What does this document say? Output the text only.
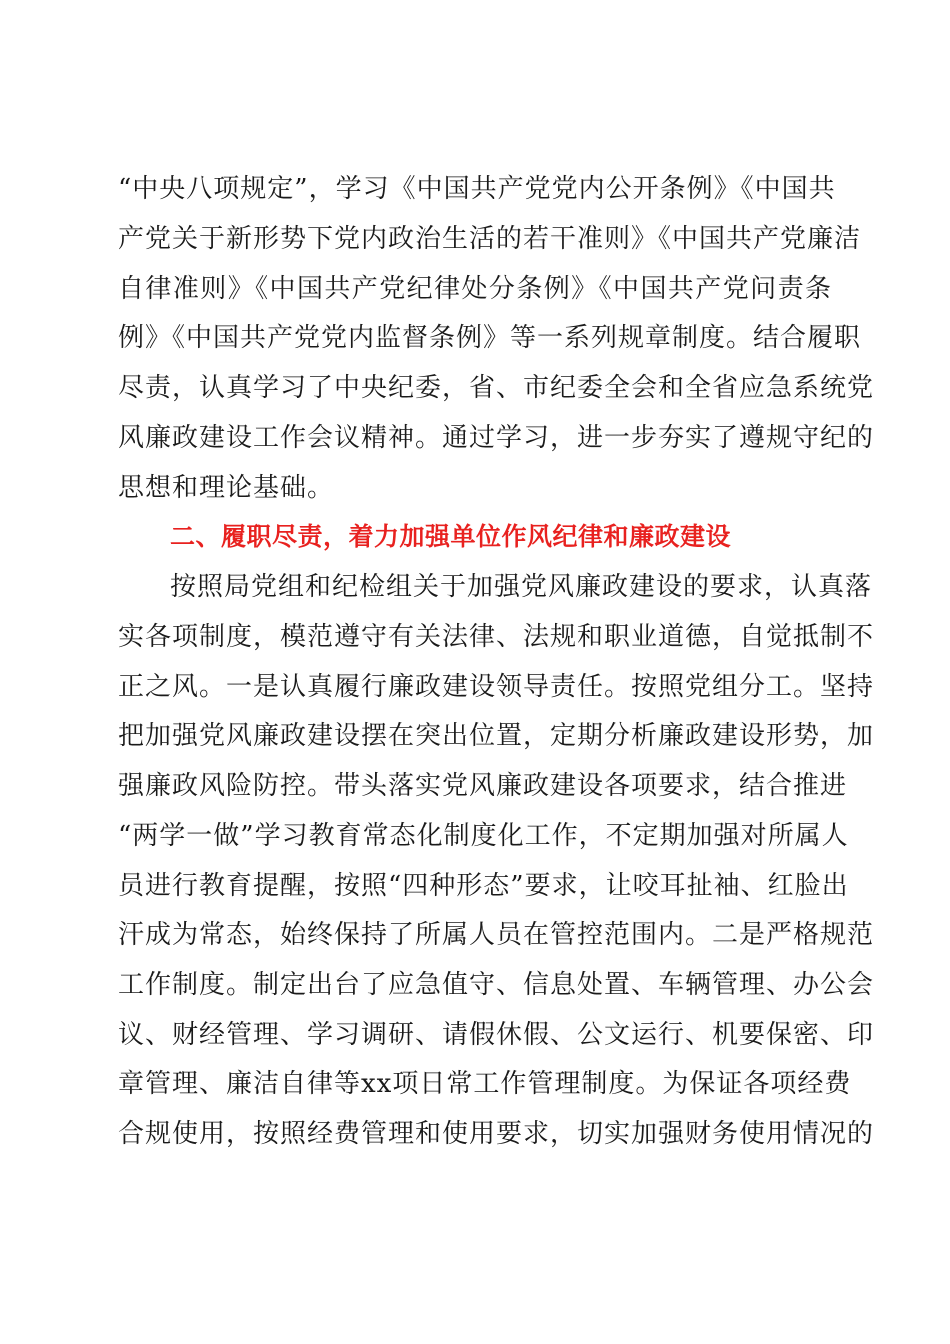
“中央八项规定”，学习《中国共产党党内公开条例》《中国共
产党关于新形势下党内政治生活的若干准则》《中国共产党廉洁
自律准则》《中国共产党纪律处分条例》《中国共产党问责条
例》《中国共产党党内监督条例》等一系列规章制度。结合履职
尽责，认真学习了中央纪委，省、市纪委全会和全省应急系统党
风廉政建设工作会议精神。通过学习，进一步夯实了遵规守纪的
思想和理论基础。
二、履职尽责，着力加强单位作风纪律和廉政建设
按照局党组和纪检组关于加强党风廉政建设的要求，认真落
实各项制度，模范遵守有关法律、法规和职业道德，自觉抵制不
正之风。一是认真履行廉政建设领导责任。按照党组分工。坚持
把加强党风廉政建设摆在突出位置，定期分析廉政建设形势，加
强廉政风险防控。带头落实党风廉政建设各项要求，结合推进
“两学一做”学习教育常态化制度化工作，不定期加强对所属人
员进行教育提醒，按照“四种形态”要求，让咬耳扯袖、红脸出
汗成为常态，始终保持了所属人员在管控范围内。二是严格规范
工作制度。制定出台了应急值守、信息处置、车辆管理、办公会
议、财经管理、学习调研、请假休假、公文运行、机要保密、印
章管理、廉洁自律等xx项日常工作管理制度。为保证各项经费
合规使用，按照经费管理和使用要求，切实加强财务使用情况的
